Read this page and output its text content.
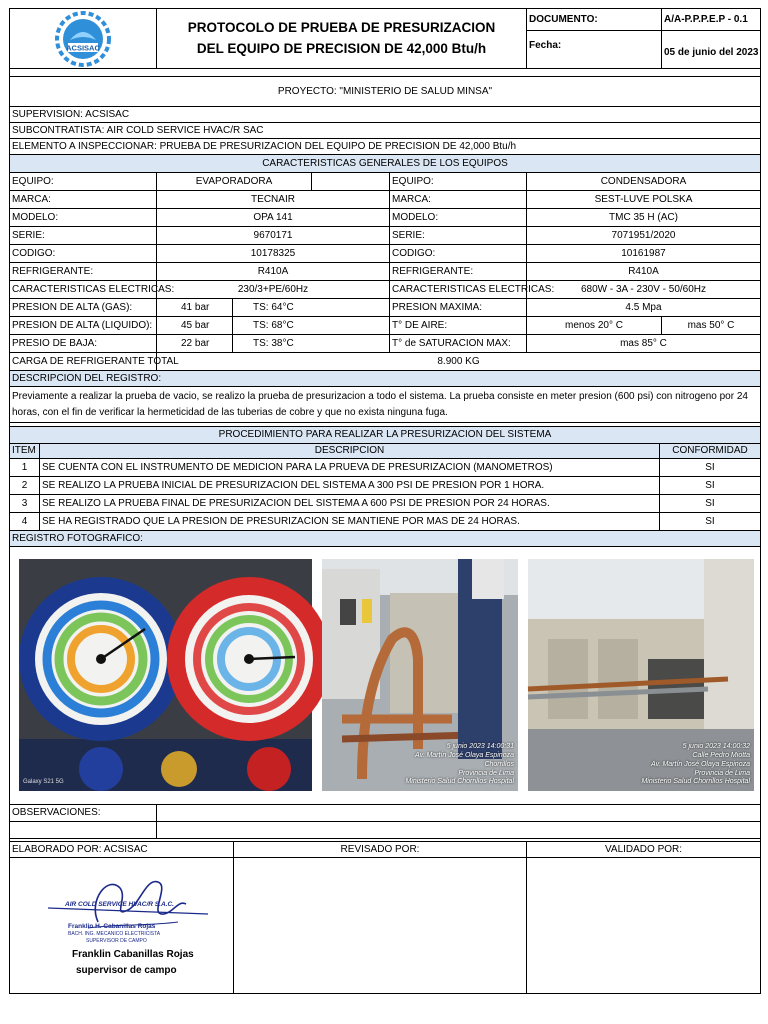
ACSISAC
PROTOCOLO DE PRUEBA DE PRESURIZACION DEL EQUIPO DE PRECISION DE 42,000 Btu/h
DOCUMENTO:	A/A-P.P.P.E.P - 0.1
Fecha:
05 de junio del 2023
PROYECTO: "MINISTERIO DE SALUD MINSA"
SUPERVISION: ACSISAC
SUBCONTRATISTA: AIR COLD SERVICE HVAC/R SAC
ELEMENTO A INSPECCIONAR: PRUEBA DE PRESURIZACION DEL EQUIPO DE PRECISION DE 42,000 Btu/h
CARACTERISTICAS GENERALES DE LOS EQUIPOS
EQUIPO:	EVAPORADORA	EQUIPO:	CONDENSADORA
MARCA:	TECNAIR	MARCA:	SEST-LUVE POLSKA
MODELO:	OPA 141	MODELO:	TMC 35 H (AC)
SERIE:	9670171	SERIE:	7071951/2020
CODIGO:	10178325	CODIGO:	10161987
REFRIGERANTE:	R410A	REFRIGERANTE:	R410A
CARACTERISTICAS ELECTRICAS:	230/3+PE/60Hz	CARACTERISTICAS ELECTRICAS:	680W - 3A - 230V - 50/60Hz
PRESION DE ALTA (GAS):	41 bar	TS: 64°C	PRESION MAXIMA:	4.5 Mpa
PRESION DE ALTA (LIQUIDO):	45 bar	TS: 68°C	T° DE AIRE:	menos 20° C	mas 50° C
PRESIO DE BAJA:	22 bar	TS: 38°C	T° de SATURACION MAX:	mas 85° C
CARGA DE REFRIGERANTE TOTAL	8.900 KG
DESCRIPCION DEL REGISTRO:
Previamente a realizar la prueba de vacio, se realizo la prueba de presurizacion a todo el sistema. La prueba consiste en meter presion (600 psi) con nitrogeno por 24 horas, con el fin de verificar la hermeticidad de las tuberias de cobre y que no exista ninguna fuga.
PROCEDIMIENTO PARA REALIZAR LA PRESURIZACION DEL SISTEMA
ITEM	DESCRIPCION	CONFORMIDAD
1	SE CUENTA CON EL INSTRUMENTO DE MEDICION PARA LA PRUEVA DE PRESURIZACION (MANOMETROS)	SI
2	SE REALIZO LA PRUEBA INICIAL DE PRESURIZACION DEL SISTEMA A 300 PSI DE PRESION POR 1 HORA.	SI
3	SE REALIZO LA PRUEBA FINAL DE PRESURIZACION DEL SISTEMA A 600 PSI DE PRESION POR 24 HORAS.	SI
4	SE HA REGISTRADO QUE LA PRESION DE PRESURIZACION SE MANTIENE POR MAS DE 24 HORAS.	SI
REGISTRO FOTOGRAFICO:
Galaxy S21 5G
5 junio 2023 14:00:31
Av. Martín José Olaya Espinoza
Chorrillos
Provincia de Lima
Ministerio Salud Chorrillos Hospital
5 junio 2023 14:00:32
Calle Pedro Miotta
Av. Martín José Olaya Espinoza
Provincia de Lima
Ministerio Salud Chorrillos Hospital
OBSERVACIONES:
ELABORADO POR: ACSISAC	REVISADO POR:	VALIDADO POR:
AIR COLD SERVICE HVAC/R S.A.C.
Franklin H. Cabanillas Rojas
BACH. ING. MECANICO ELECTRICISTA
SUPERVISOR DE CAMPO
Franklin Cabanillas Rojas
supervisor de campo
